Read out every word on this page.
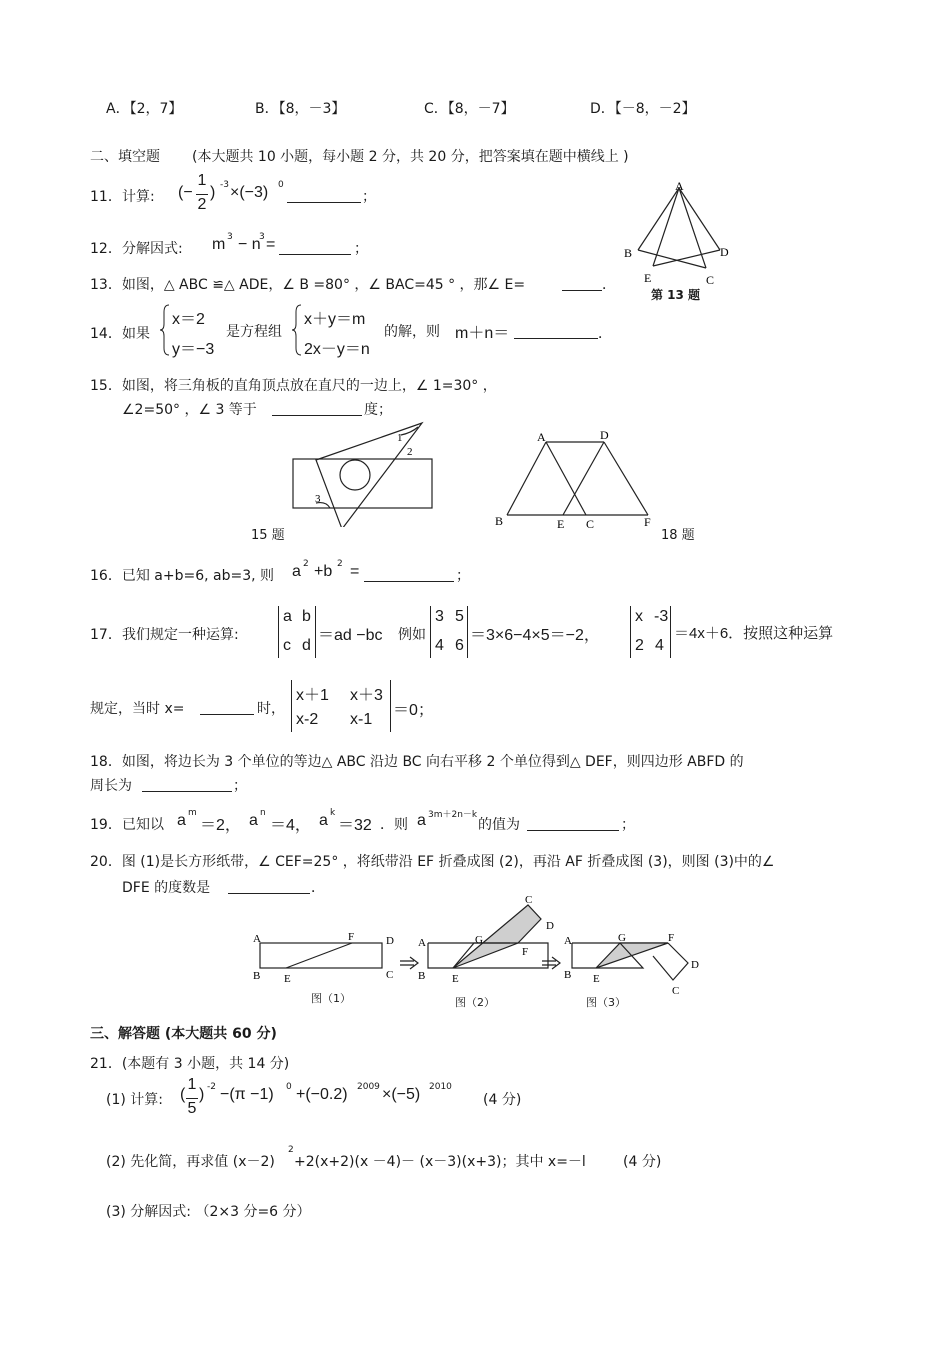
A．【2，7】	B．【8，－3】	C．【8，－7】	D．【－8，－2】
二、填空题 (本大题共 10 小题，每小题 2 分，共 20 分，把答案填在题中横线上 )
11． 计算: (−
1
2
) -3 ×(−3) 0
；
A
B	D
E	C
第 13 题
12． 分解因式: m 3 − n
3 =	；
13．如图，△ ABC ≌△ ADE，∠ B =80° ，∠ BAC=45 ° ，那∠ E=	．
14． 如果
x＝2
y＝−3
是方程组
x＋y＝m
2x－y＝n
的解，则 m＋n＝	．
15．如图，将三角板的直角顶点放在直尺的一边上，∠ 1=30° ，
∠2=50° ，∠ 3 等于	度；
1
2
3
15 题
A	D
B	E C	F
18 题
16．已知 a+b=6, ab=3, 则 a 2 +b 2 =	；
17． 我们规定一种运算:
a b
c d
＝ad −bc 例如
3 5
4 6
＝3×6−4×5＝−2，
x -3
2 4
＝4x＋6．按照这种运算
规定，当时 x=	时，
x＋1 x＋3
x-2 x-1
＝0；
18．如图，将边长为 3 个单位的等边△ ABC 沿边 BC 向右平移 2 个单位得到△ DEF，则四边形 ABFD 的
周长为	；
19． 已知以 a m
＝2， a n
＝4， a k
＝32 ．则 a 3m＋2n－k
的值为	；
20．图 (1)是长方形纸带，∠ CEF=25° ，将纸带沿 EF 折叠成图 (2)，再沿 AF 折叠成图 (3)，则图 (3)中的∠
DFE 的度数是	．
A
B
F	D
E	C
A
B
G
C
D
F
E
A
B
G	F
D
C
E
图（1）	图（2）	图（3）
三、解答题 (本大题共 60 分)
21．(本题有 3 小题，共 14 分)
(1) 计算: (
1
5
) -2 −(π −1) 0 +(−0.2) 2009 ×(−5) 2010
(4 分)
(2) 先化简，再求值 (x－2)
2
+2(x+2)(x －4)－ (x－3)(x+3)；其中 x=－l	(4 分)
(3) 分解因式: （2×3 分=6 分）
